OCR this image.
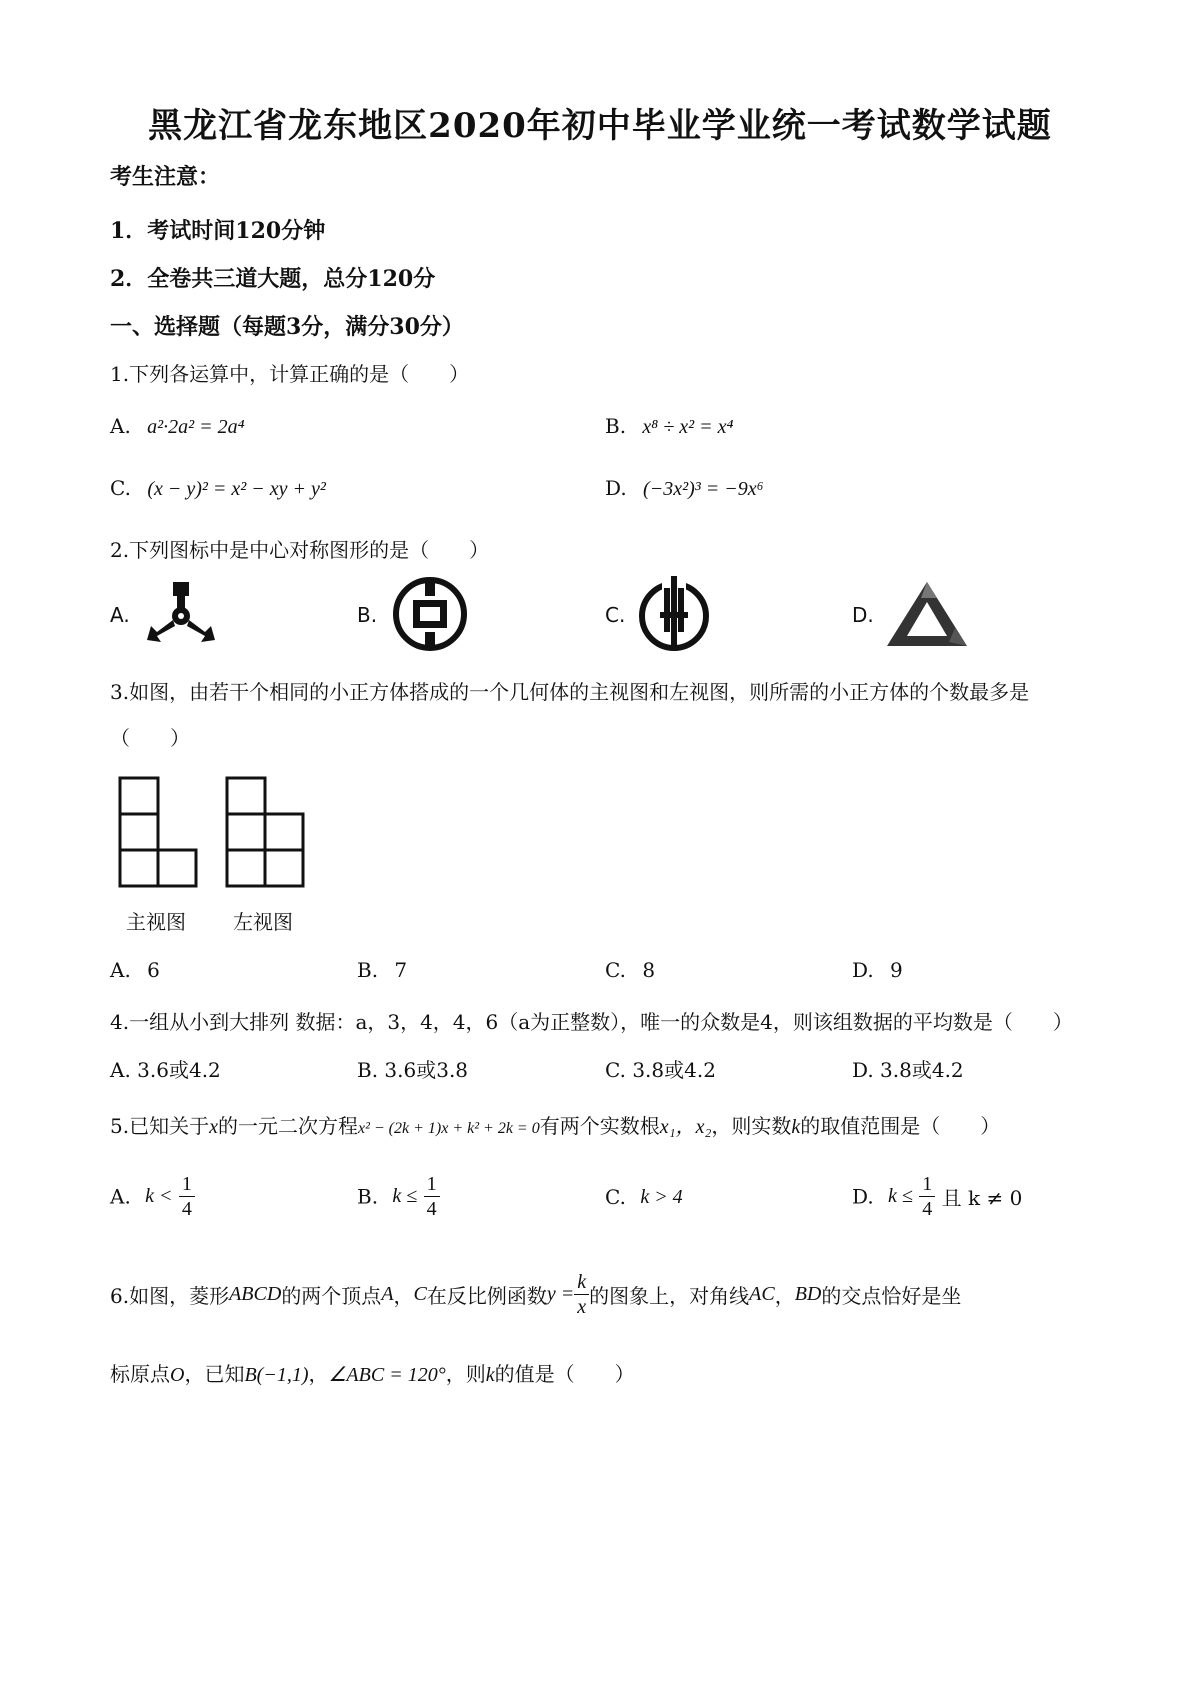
黑龙江省龙东地区2020年初中毕业学业统一考试数学试题
考生注意：
1．考试时间120分钟
2．全卷共三道大题，总分120分
一、选择题（每题3分，满分30分）
1.下列各运算中，计算正确的是（　　）
A. a²·2a² = 2a⁴	B. x⁸ ÷ x² = x⁴
C. (x − y)² = x² − xy + y²	D. (−3x²)³ = −9x⁶
2.下列图标中是中心对称图形的是（　　）
A.	B.	C.	D.
3.如图，由若干个相同的小正方体搭成的一个几何体的主视图和左视图，则所需的小正方体的个数最多是
（　　）
主视图 左视图
A. 6	B. 7	C. 8	D. 9
4.一组从小到大排列 数据：a，3，4，4，6（a为正整数），唯一的众数是4，则该组数据的平均数是（　　）
A. 3.6或4.2	B. 3.6或3.8	C. 3.8或4.2	D. 3.8或4.2
5.已知关于x的一元二次方程x² − (2k + 1)x + k² + 2k = 0有两个实数根x₁，x₂，则实数k的取值范围是（　　）
A. $k < \frac{1}{4}$	B. $k \le \frac{1}{4}$	C. k > 4	D. $k \le \frac{1}{4}$ 且 k ≠ 0
6.如图，菱形ABCD的两个顶点A，C在反比例函数$y = \frac{k}{x}$ 的图象上，对角线AC，BD的交点恰好是坐
标原点O，已知B(−1,1)，∠ABC = 120°，则k的值是（　　）
